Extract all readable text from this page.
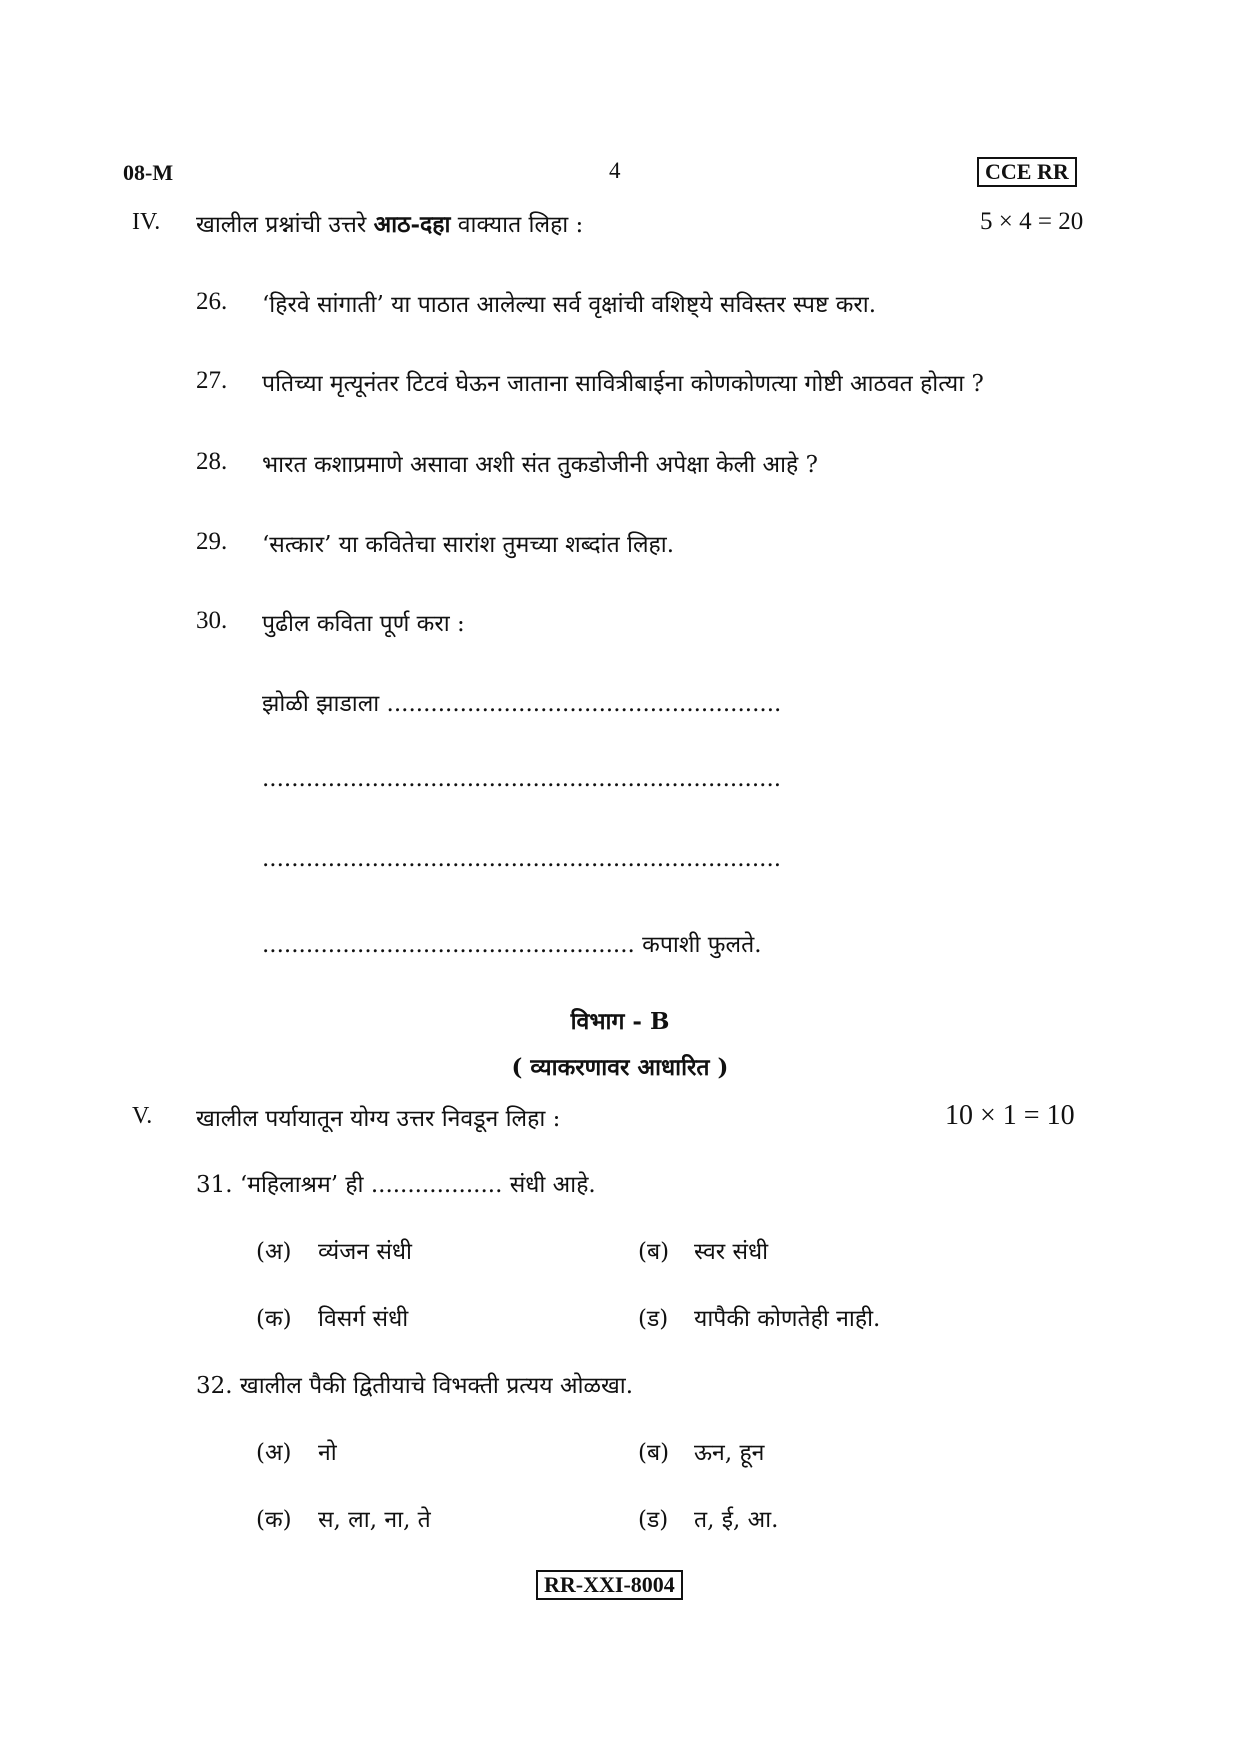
08-M	4	CCE RR
IV. खालील प्रश्नांची उत्तरे आठ-दहा वाक्यात लिहा :	5 × 4 = 20
26. ‘हिरवे सांगाती’ या पाठात आलेल्या सर्व वृक्षांची वशिष्ट्ये सविस्तर स्पष्ट करा.
27. पतिच्या मृत्यूनंतर टिटवं घेऊन जाताना सावित्रीबाईना कोणकोणत्या गोष्टी आठवत होत्या ?
28. भारत कशाप्रमाणे असावा अशी संत तुकडोजीनी अपेक्षा केली आहे ?
29. ‘सत्कार’ या कवितेचा सारांश तुमच्या शब्दांत लिहा.
30. पुढील कविता पूर्ण करा :
झोळी झाडाला ......................................................
.......................................................................
.......................................................................
................................................... कपाशी फुलते.
विभाग - B
( व्याकरणावर आधारित )
V. खालील पर्यायातून योग्य उत्तर निवडून लिहा :	10 × 1 = 10
31. ‘महिलाश्रम’ ही .................. संधी आहे.
(अ) व्यंजन संधी	(ब) स्वर संधी
(क) विसर्ग संधी	(ड) यापैकी कोणतेही नाही.
32. खालील पैकी द्वितीयाचे विभक्ती प्रत्यय ओळखा.
(अ) नो	(ब) ऊन, हून
(क) स, ला, ना, ते	(ड) त, ई, आ.
RR-XXI-8004
